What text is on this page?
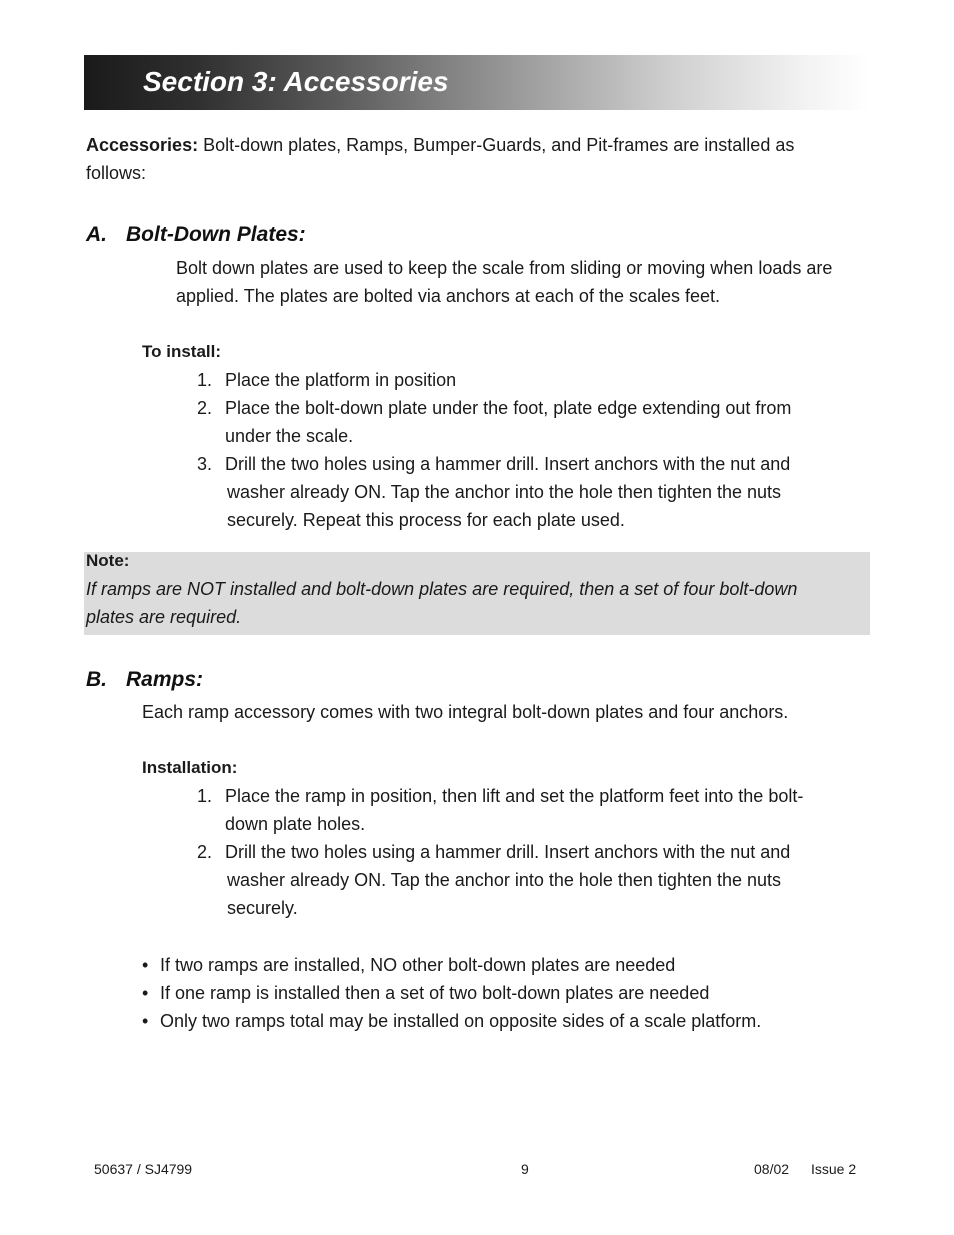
Section 3: Accessories

Accessories: Bolt-down plates, Ramps, Bumper-Guards, and Pit-frames are installed as
follows:

A. Bolt-Down Plates:

Bolt down plates are used to keep the scale from sliding or moving when loads are
applied. The plates are bolted via anchors at each of the scales feet.

To install:
1. Place the platform in position
2. Place the bolt-down plate under the foot, plate edge extending out from
under the scale.
3. Drill the two holes using a hammer drill. Insert anchors with the nut and
washer already ON. Tap the anchor into the hole then tighten the nuts
securely. Repeat this process for each plate used.
Note:

If ramps are NOT installed and bolt-down plates are required, then a set of four bolt-down
plates are required.

B. Ramps:
Each ramp accessory comes with two integral bolt-down plates and four anchors.
Installation:
1. Place the ramp in position, then lift and set the platform feet into the bolt-
down plate holes.
2. Drill the two holes using a hammer drill. Insert anchors with the nut and
washer already ON. Tap the anchor into the hole then tighten the nuts
securely.
• If two ramps are installed, NO other bolt-down plates are needed
• If one ramp is installed then a set of two bolt-down plates are needed
• Only two ramps total may be installed on opposite sides of a scale platform.
50637 / SJ4799	9	08/02 Issue 2
